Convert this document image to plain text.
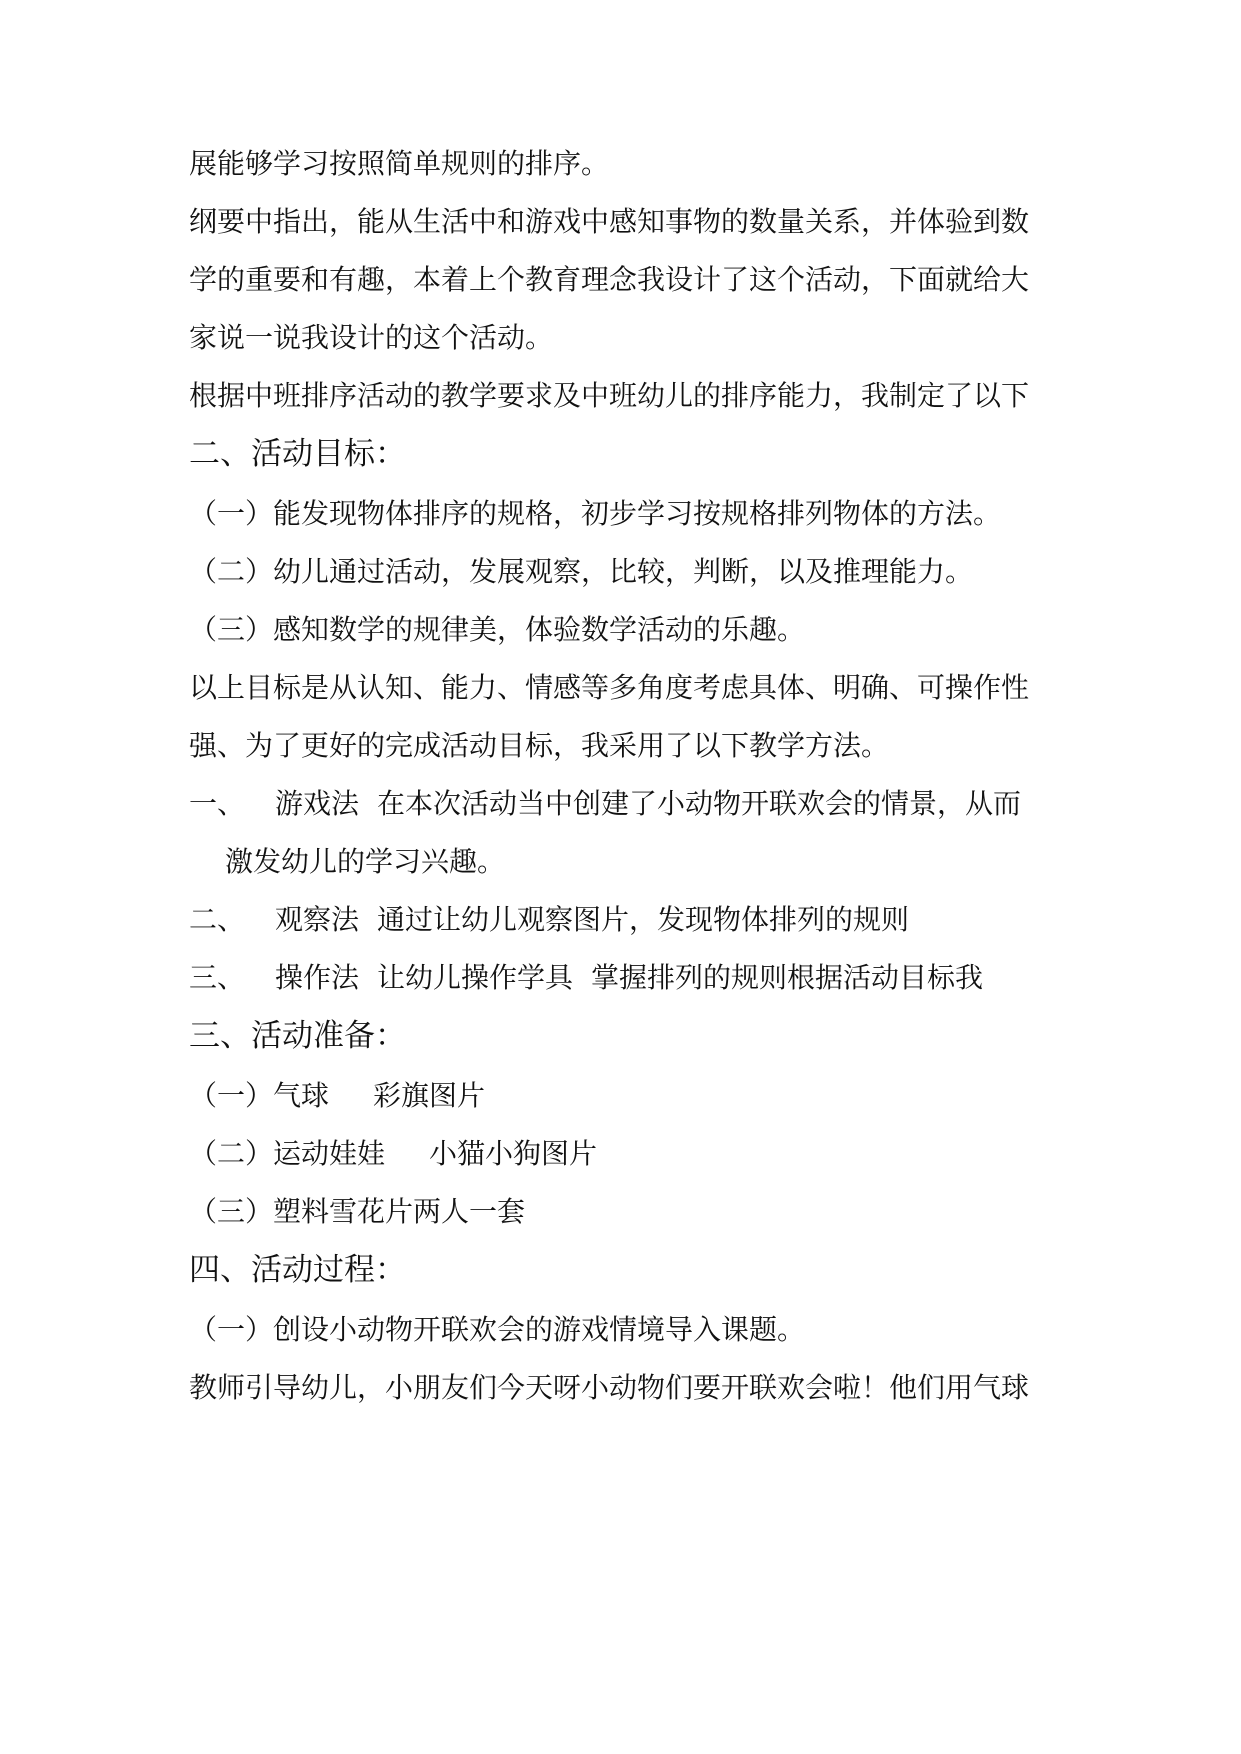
展能够学习按照简单规则的排序。
纲要中指出，能从生活中和游戏中感知事物的数量关系，并体验到数
学的重要和有趣，本着上个教育理念我设计了这个活动，下面就给大
家说一说我设计的这个活动。
根据中班排序活动的教学要求及中班幼儿的排序能力，我制定了以下
二、活动目标：
（一）能发现物体排序的规格，初步学习按规格排列物体的方法。
（二）幼儿通过活动，发展观察，比较，判断，以及推理能力。
（三）感知数学的规律美，体验数学活动的乐趣。
以上目标是从认知、能力、情感等多角度考虑具体、明确、可操作性
强、为了更好的完成活动目标，我采用了以下教学方法。
一、 游戏法 在本次活动当中创建了小动物开联欢会的情景，从而
激发幼儿的学习兴趣。
二、 观察法 通过让幼儿观察图片，发现物体排列的规则
三、 操作法 让幼儿操作学具 掌握排列的规则根据活动目标我
三、活动准备：
（一）气球 彩旗图片
（二）运动娃娃 小猫小狗图片
（三）塑料雪花片两人一套
四、活动过程：
（一）创设小动物开联欢会的游戏情境导入课题。
教师引导幼儿，小朋友们今天呀小动物们要开联欢会啦！他们用气球
